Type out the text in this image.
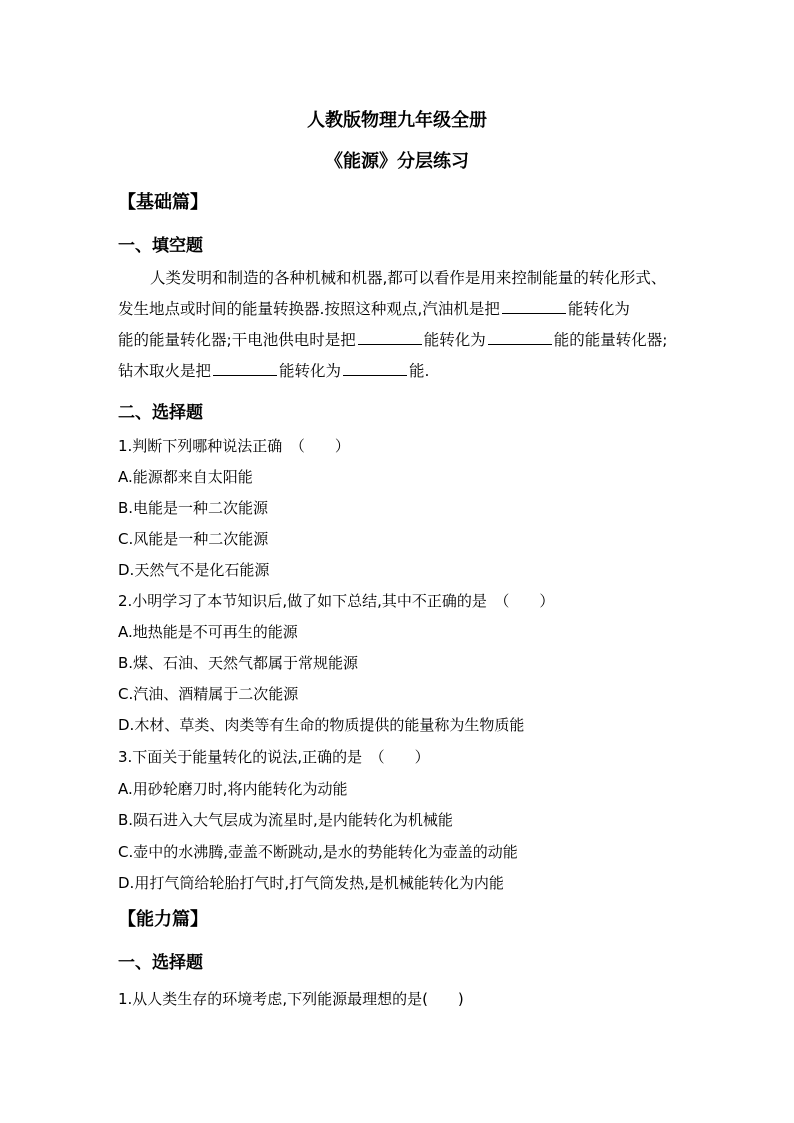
人教版物理九年级全册
《能源》分层练习
【基础篇】
一、填空题
人类发明和制造的各种机械和机器,都可以看作是用来控制能量的转化形式、
发生地点或时间的能量转换器.按照这种观点,汽油机是把	能转化为
能的能量转化器;干电池供电时是把	能转化为	能的能量转化器;
钻木取火是把	能转化为	能.
二、选择题
1.判断下列哪种说法正确　（　　）
A.能源都来自太阳能
B.电能是一种二次能源
C.风能是一种二次能源
D.天然气不是化石能源
2.小明学习了本节知识后,做了如下总结,其中不正确的是　（　　）
A.地热能是不可再生的能源
B.煤、石油、天然气都属于常规能源
C.汽油、酒精属于二次能源
D.木材、草类、肉类等有生命的物质提供的能量称为生物质能
3.下面关于能量转化的说法,正确的是　（　　）
A.用砂轮磨刀时,将内能转化为动能
B.陨石进入大气层成为流星时,是内能转化为机械能
C.壶中的水沸腾,壶盖不断跳动,是水的势能转化为壶盖的动能
D.用打气筒给轮胎打气时,打气筒发热,是机械能转化为内能
【能力篇】
一、选择题
1.从人类生存的环境考虑,下列能源最理想的是(　　)
